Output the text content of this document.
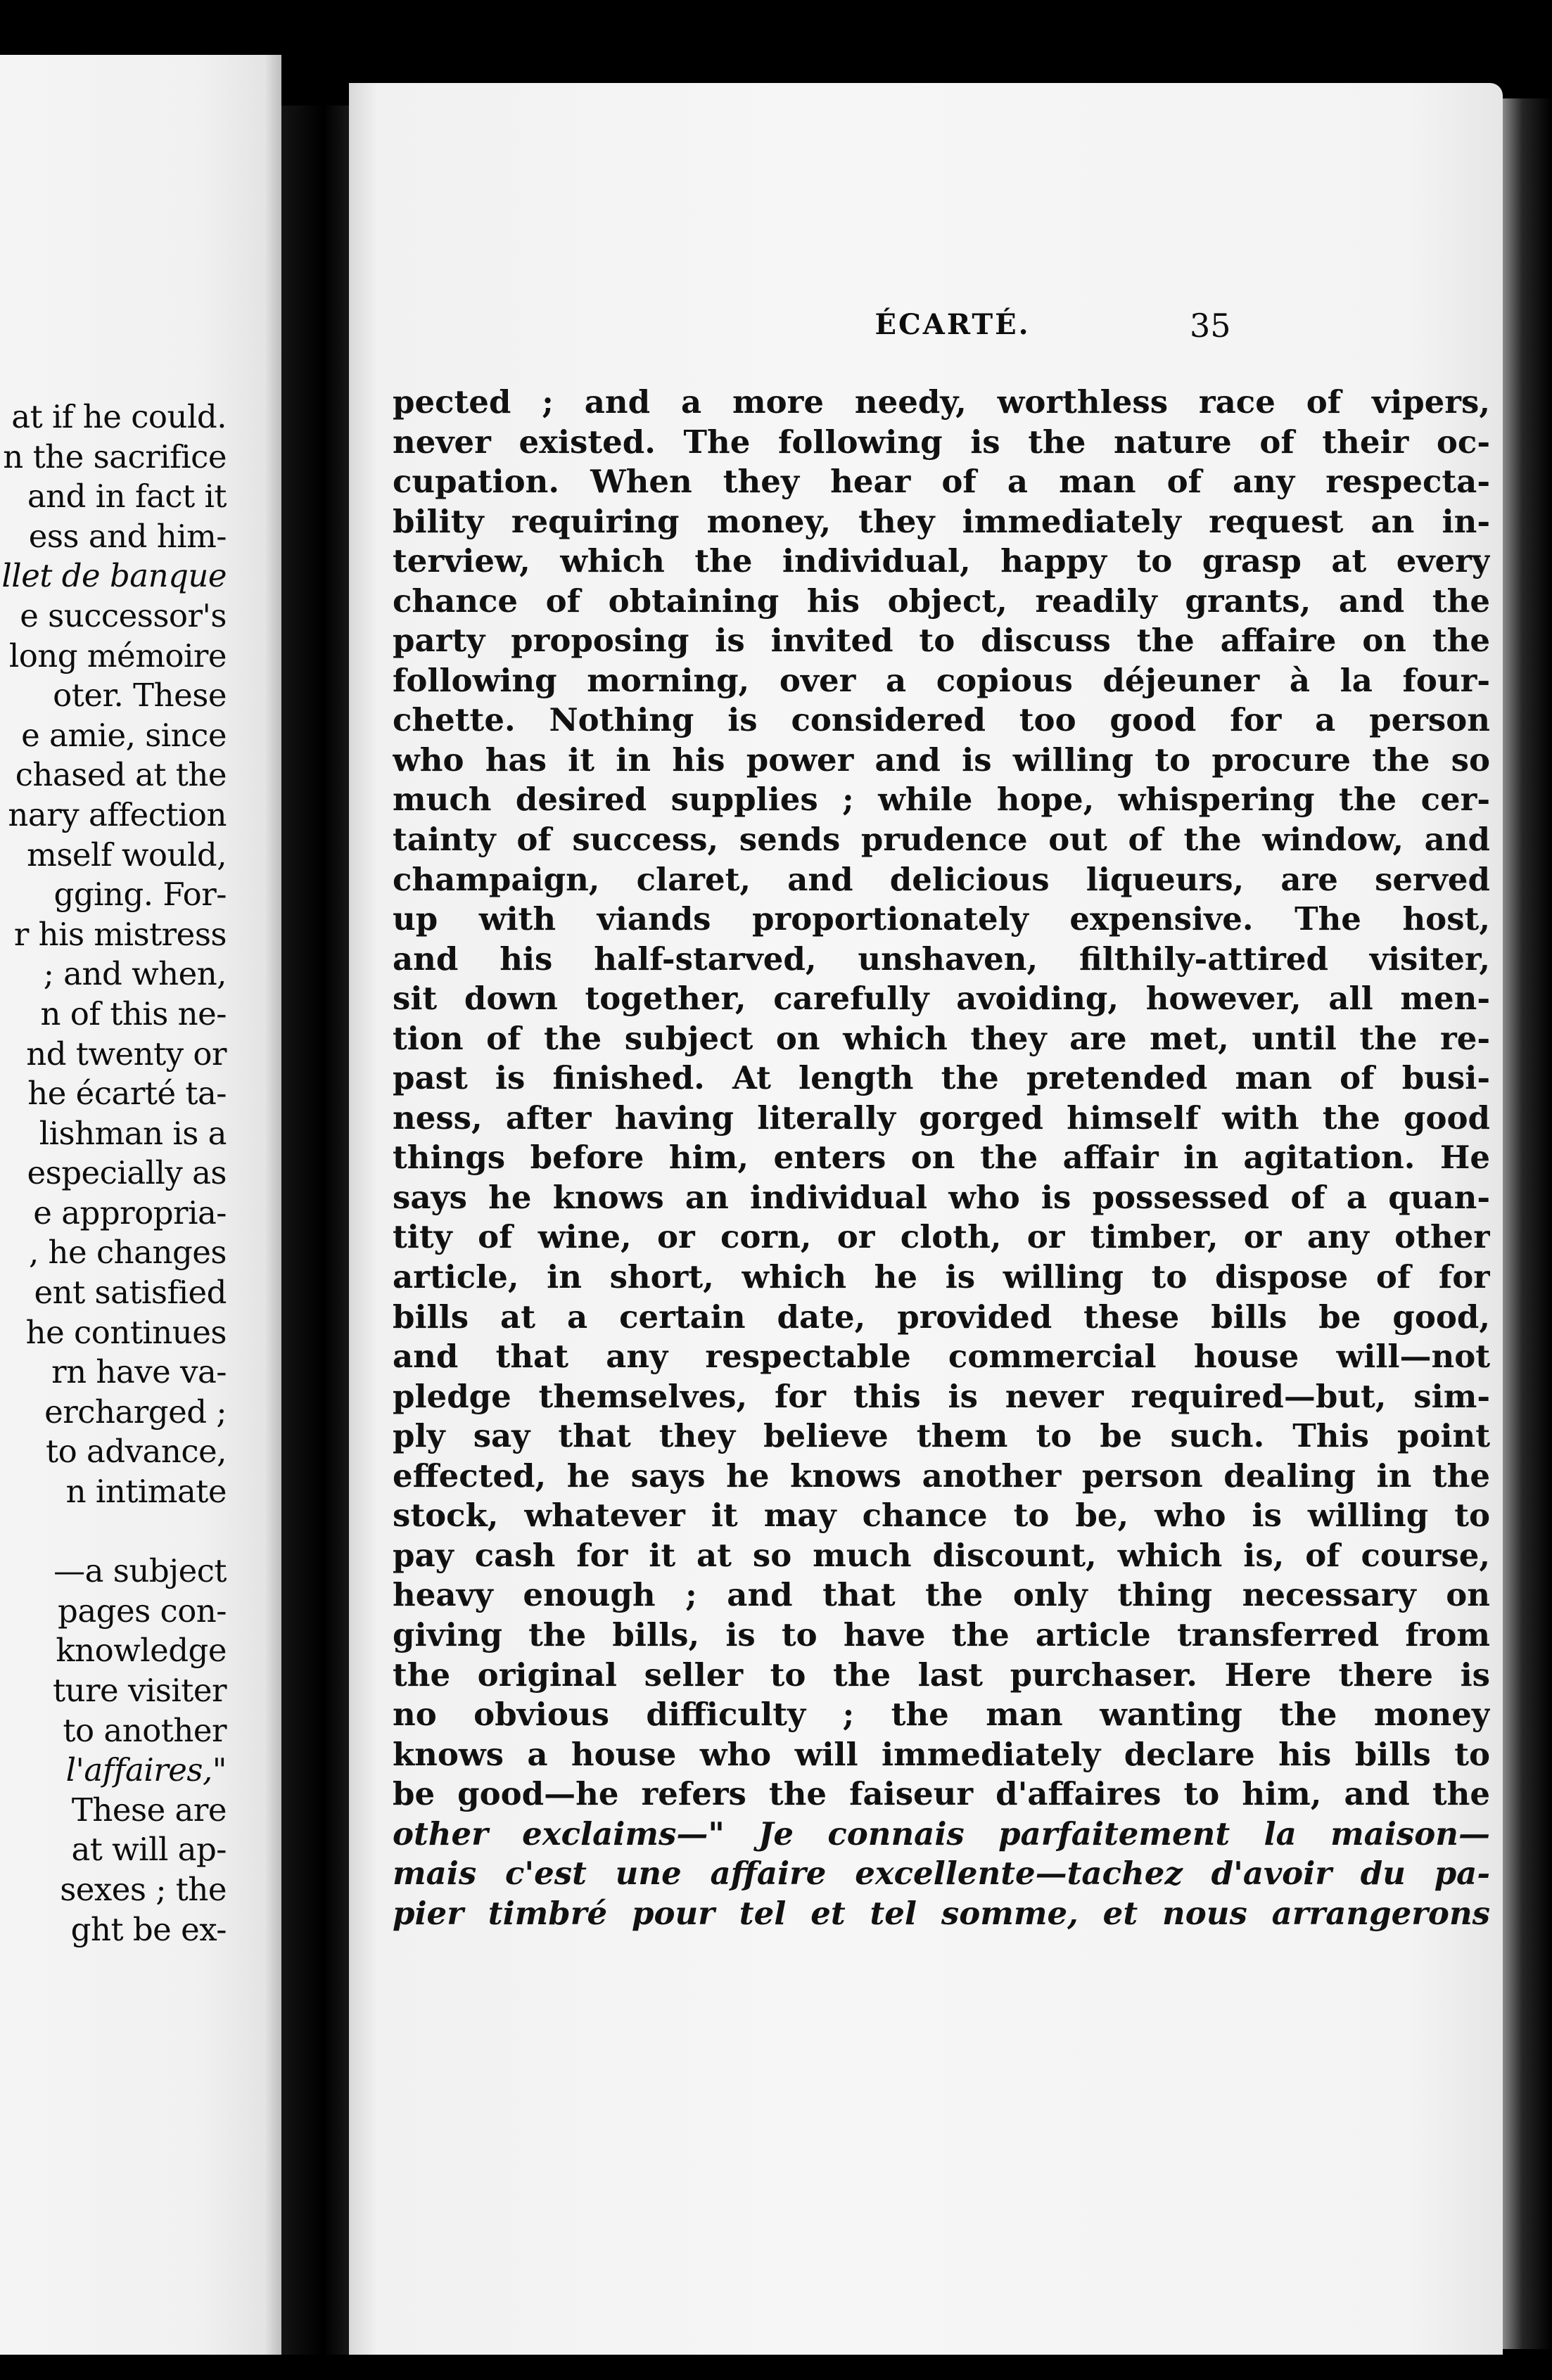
at if he could.
n the sacrifice
and in fact it
ess and him-
llet de banque
e successor's
long mémoire
oter. These
e amie, since
chased at the
nary affection
mself would,
gging. For-
r his mistress
; and when,
n of this ne-
nd twenty or
he écarté ta-
lishman is a
especially as
e appropria-
, he changes
ent satisfied
he continues
rn have va-
ercharged ;
to advance,
n intimate
—a subject
pages con-
knowledge
ture visiter
to another
l'affaires,"
These are
at will ap-
sexes ; the
ght be ex-
ÉCARTÉ.	35
pected ; and a more needy, worthless race of vipers,
never existed. The following is the nature of their oc-
cupation. When they hear of a man of any respecta-
bility requiring money, they immediately request an in-
terview, which the individual, happy to grasp at every
chance of obtaining his object, readily grants, and the
party proposing is invited to discuss the affaire on the
following morning, over a copious déjeuner à la four-
chette. Nothing is considered too good for a person
who has it in his power and is willing to procure the so
much desired supplies ; while hope, whispering the cer-
tainty of success, sends prudence out of the window, and
champaign, claret, and delicious liqueurs, are served
up with viands proportionately expensive. The host,
and his half-starved, unshaven, filthily-attired visiter,
sit down together, carefully avoiding, however, all men-
tion of the subject on which they are met, until the re-
past is finished. At length the pretended man of busi-
ness, after having literally gorged himself with the good
things before him, enters on the affair in agitation. He
says he knows an individual who is possessed of a quan-
tity of wine, or corn, or cloth, or timber, or any other
article, in short, which he is willing to dispose of for
bills at a certain date, provided these bills be good,
and that any respectable commercial house will—not
pledge themselves, for this is never required—but, sim-
ply say that they believe them to be such. This point
effected, he says he knows another person dealing in the
stock, whatever it may chance to be, who is willing to
pay cash for it at so much discount, which is, of course,
heavy enough ; and that the only thing necessary on
giving the bills, is to have the article transferred from
the original seller to the last purchaser. Here there is
no obvious difficulty ; the man wanting the money
knows a house who will immediately declare his bills to
be good—he refers the faiseur d'affaires to him, and the
other exclaims—" Je connais parfaitement la maison—
mais c'est une affaire excellente—tachez d'avoir du pa-
pier timbré pour tel et tel somme, et nous arrangerons
